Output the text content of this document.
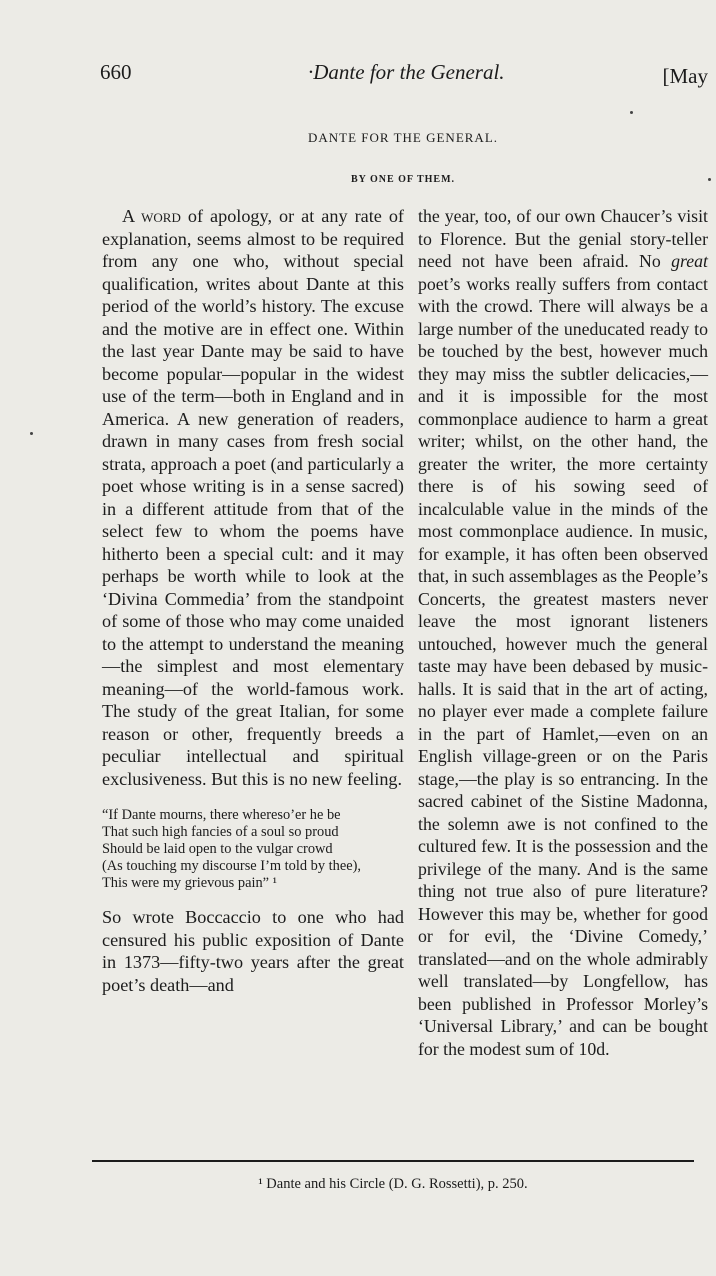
660	·Dante for the General.	[May
DANTE FOR THE GENERAL.
BY ONE OF THEM.

A word of apology, or at any rate of explanation, seems almost to be required from any one who, without special qualification, writes about Dante at this period of the world’s history. The excuse and the motive are in effect one. Within the last year Dante may be said to have become popular—popular in the widest use of the term—both in England and in America. A new generation of readers, drawn in many cases from fresh social strata, approach a poet (and particularly a poet whose writing is in a sense sacred) in a different attitude from that of the select few to whom the poems have hitherto been a special cult: and it may perhaps be worth while to look at the ‘Divina Commedia’ from the standpoint of some of those who may come unaided to the attempt to understand the meaning—the simplest and most elementary meaning—of the world-famous work. The study of the great Italian, for some reason or other, frequently breeds a peculiar intellectual and spiritual exclusiveness. But this is no new feeling.

“If Dante mourns, there whereso’er he be

That such high fancies of a soul so proud

Should be laid open to the vulgar crowd

(As touching my discourse I’m told by thee),

This were my grievous pain” ¹

So wrote Boccaccio to one who had censured his public exposition of Dante in 1373—fifty-two years after the great poet’s death—and

the year, too, of our own Chaucer’s visit to Florence. But the genial story-teller need not have been afraid. No great poet’s works really suffers from contact with the crowd. There will always be a large number of the uneducated ready to be touched by the best, however much they may miss the subtler delicacies,—and it is impossible for the most commonplace audience to harm a great writer; whilst, on the other hand, the greater the writer, the more certainty there is of his sowing seed of incalculable value in the minds of the most commonplace audience. In music, for example, it has often been observed that, in such assemblages as the People’s Concerts, the greatest masters never leave the most ignorant listeners untouched, however much the general taste may have been debased by music-halls. It is said that in the art of acting, no player ever made a complete failure in the part of Hamlet,—even on an English village-green or on the Paris stage,—the play is so entrancing. In the sacred cabinet of the Sistine Madonna, the solemn awe is not confined to the cultured few. It is the possession and the privilege of the many. And is the same thing not true also of pure literature? However this may be, whether for good or for evil, the ‘Divine Comedy,’ translated—and on the whole admirably well translated—by Longfellow, has been published in Professor Morley’s ‘Universal Library,’ and can be bought for the modest sum of 10d.

¹ Dante and his Circle (D. G. Rossetti), p. 250.
